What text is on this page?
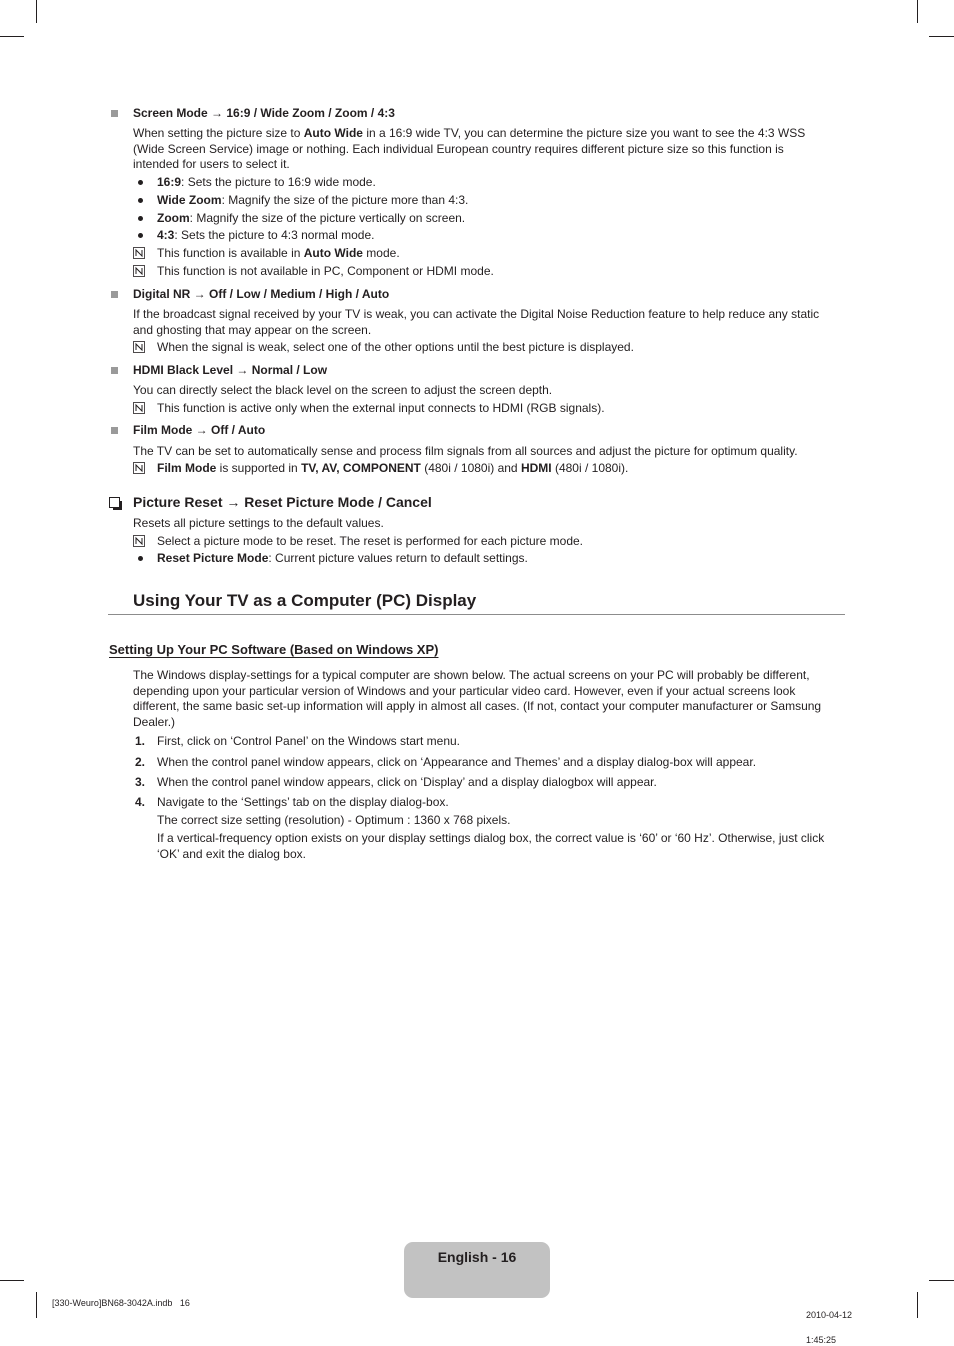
Screen Mode → 16:9 / Wide Zoom / Zoom / 4:3
When setting the picture size to Auto Wide in a 16:9 wide TV, you can determine the picture size you want to see the 4:3 WSS
(Wide Screen Service) image or nothing. Each individual European country requires different picture size so this function is
intended for users to select it.
16:9: Sets the picture to 16:9 wide mode.
Wide Zoom: Magnify the size of the picture more than 4:3.
Zoom: Magnify the size of the picture vertically on screen.
4:3: Sets the picture to 4:3 normal mode.
This function is available in Auto Wide mode.
This function is not available in PC, Component or HDMI mode.
Digital NR → Off / Low / Medium / High / Auto
If the broadcast signal received by your TV is weak, you can activate the Digital Noise Reduction feature to help reduce any static
and ghosting that may appear on the screen.
When the signal is weak, select one of the other options until the best picture is displayed.
HDMI Black Level → Normal / Low
You can directly select the black level on the screen to adjust the screen depth.
This function is active only when the external input connects to HDMI (RGB signals).
Film Mode → Off / Auto
The TV can be set to automatically sense and process film signals from all sources and adjust the picture for optimum quality.
Film Mode is supported in TV, AV, COMPONENT (480i / 1080i) and HDMI (480i / 1080i).
Picture Reset → Reset Picture Mode / Cancel
Resets all picture settings to the default values.
Select a picture mode to be reset. The reset is performed for each picture mode.
Reset Picture Mode: Current picture values return to default settings.
Using Your TV as a Computer (PC) Display
Setting Up Your PC Software (Based on Windows XP)
The Windows display-settings for a typical computer are shown below. The actual screens on your PC will probably be different,
depending upon your particular version of Windows and your particular video card. However, even if your actual screens look
different, the same basic set-up information will apply in almost all cases. (If not, contact your computer manufacturer or Samsung
Dealer.)
1. First, click on ‘Control Panel’ on the Windows start menu.
2. When the control panel window appears, click on ‘Appearance and Themes’ and a display dialog-box will appear.
3. When the control panel window appears, click on ‘Display’ and a display dialogbox will appear.
4. Navigate to the ‘Settings’ tab on the display dialog-box.
The correct size setting (resolution) - Optimum : 1360 x 768 pixels.
If a vertical-frequency option exists on your display settings dialog box, the correct value is ‘60’ or ‘60 Hz’. Otherwise, just click
‘OK’ and exit the dialog box.
English - 16
[330-Weuro]BN68-3042A.indb   16

2010-04-12

1:45:25
